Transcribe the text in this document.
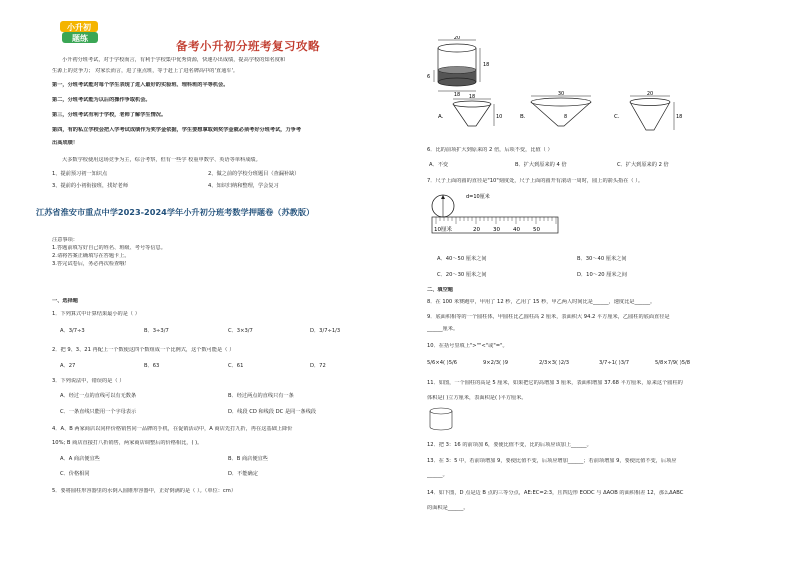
小升初
题练
备考小升初分班考复习攻略
小升初分班考试，对于学校而言，有利于学校集中优秀资源，快速办出成绩，提高学校的知名度和
生源上的竞争力； 对家长而言，进了重点班，等于赶上了进名牌高中的'直通车'。
第一，分班考试能对每个学生表现了进入最好的实验班、理科班的平等机会。
第二，分班考试能为以后的操作争取机会。
第三，分班考试有利于学校，老师了解学生情况。
第四，有的私立学校会把入学考试成绩作为奖学金依据，学生要想拿取到奖学金就必须考好分班考试，力争考
出高成绩！
大多数学校使用这场竞争为主，综合考察，但有一些学 校重申数学、英语等单科成绩。
1、提前预习初一知识点	2、做之前的学校分班题目（查漏补缺）
3、提前的小初衔接班，找好老师	4、知识归纳和整理，学会复习
江苏省淮安市重点中学2023-2024学年小升初分班考数学押题卷（苏教版）
注意事项：
1.答题前填写好自己的姓名、班级、考号等信息。
2.请将答案正确填写在答题卡上。
3.答完试卷后，务必再次检查哦！
一、选择题
1．下列算式中计算结果最小的是（ ）
A．3/7÷3	B．3÷3/7	C．3×3/7	D．3/7÷1/3
2．把 9、3、21 再配上一个数使这四个数组成一个比例式，这个数可能是（ ）
A．27	B．63	C．61	D．72
3．下列说法中，错误的是（ ）
A．经过一点的直线可以有无数条	B．经过两点的直线只有一条
C．一条直线只能用一个字母表示	D．线段 CD 和线段 DC 是同一条线段
4．A、B 两家商店以同样价格销售同一品牌的手机，在促销活动中，A 商店先打九折，再在这基础上降价
10%; B 商店直接打八折销售，两家商店调整后的价格相比，( )。
A．A 商店便宜些	B．B 商店便宜些
C．价格相同	D．不能确定
5．要将圆柱形容器里的水倒入圆锥形容器中，正好倒满的是（ ）。（单位：cm）
20
18
6
18
A．
18
10	B．
30
8	C．
20
18
6．比的前项扩大到原来的 2 倍，后项不变，比值（ ）
A．不变	B．扩大到原来的 4 倍	C．扩大到原来的 2 倍
7．尺子上面的圆的直径是"10"刻度处，尺子上面的圆开有滚动一周时，圆上的箭头指在（ ）。
d=10厘米
10厘米	20 30 40 50
A．40～50 厘米之间	B．30～40 厘米之间
C．20～30 厘米之间	D．10～20 厘米之间
二、填空题
8．在 100 米赛跑中，甲用了 12 秒，乙用了 15 秒，甲乙两人时间比是______，速度比是______。
9．底面积相等的一个圆柱体，甲圆柱比乙圆柱高 2 厘米，表面积大 94.2 平方厘米，乙圆柱的底面直径是
______厘米。
10．在括号里填上">""<"或"="。
5/6×4( )5/6	9×2/3( )9	2/3×3( )2/3	3/7÷1( )3/7	5/8×7/9( )5/8
11．如图，一个圆柱的高是 5 厘米，如果把它的高增加 3 厘米，表面积增加 37.68 平方厘米，原来这个圆柱的
体积是( )立方厘米，表面积是( )平方厘米。
12．把 3：16 的前项加 6，要使比值不变，比的后项应该加上______。
13．在 3：5 中，若前项增加 9，要使比值不变，后项应增加______；若前项增加 9，要使比值不变，后项应
______。
14．如下图，D 点是边 B 点的三等分点，AE:EC=2:3，且四边形 EODC 与 ΔAOB 的面积相差 12，那么ΔABC
的面积是______。
